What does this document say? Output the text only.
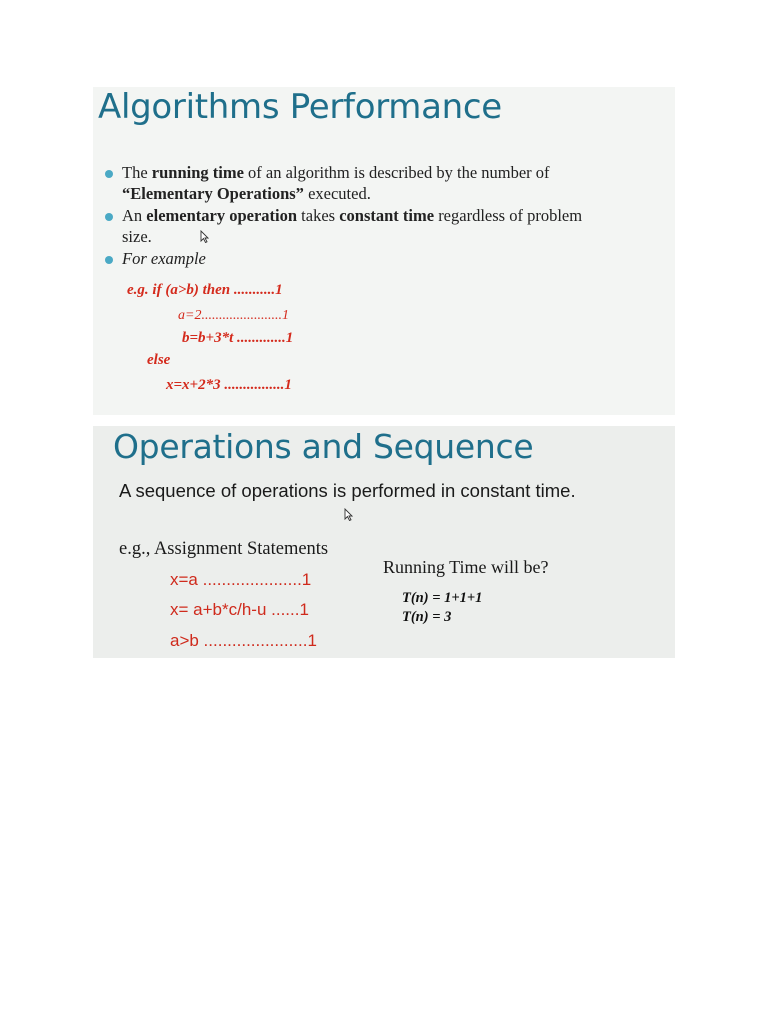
Algorithms Performance
The running time of an algorithm is described by the number of
“Elementary Operations” executed.
An elementary operation takes constant time regardless of problem
size.
For example
e.g. if (a>b) then ...........1
a=2.......................1
b=b+3*t .............1
else
x=x+2*3 ................1
Operations and Sequence
A sequence of operations is performed in constant time.
e.g., Assignment Statements
x=a .....................1
x= a+b*c/h-u ......1
a>b ......................1
Running Time will be?
T(n) = 1+1+1
T(n) = 3
